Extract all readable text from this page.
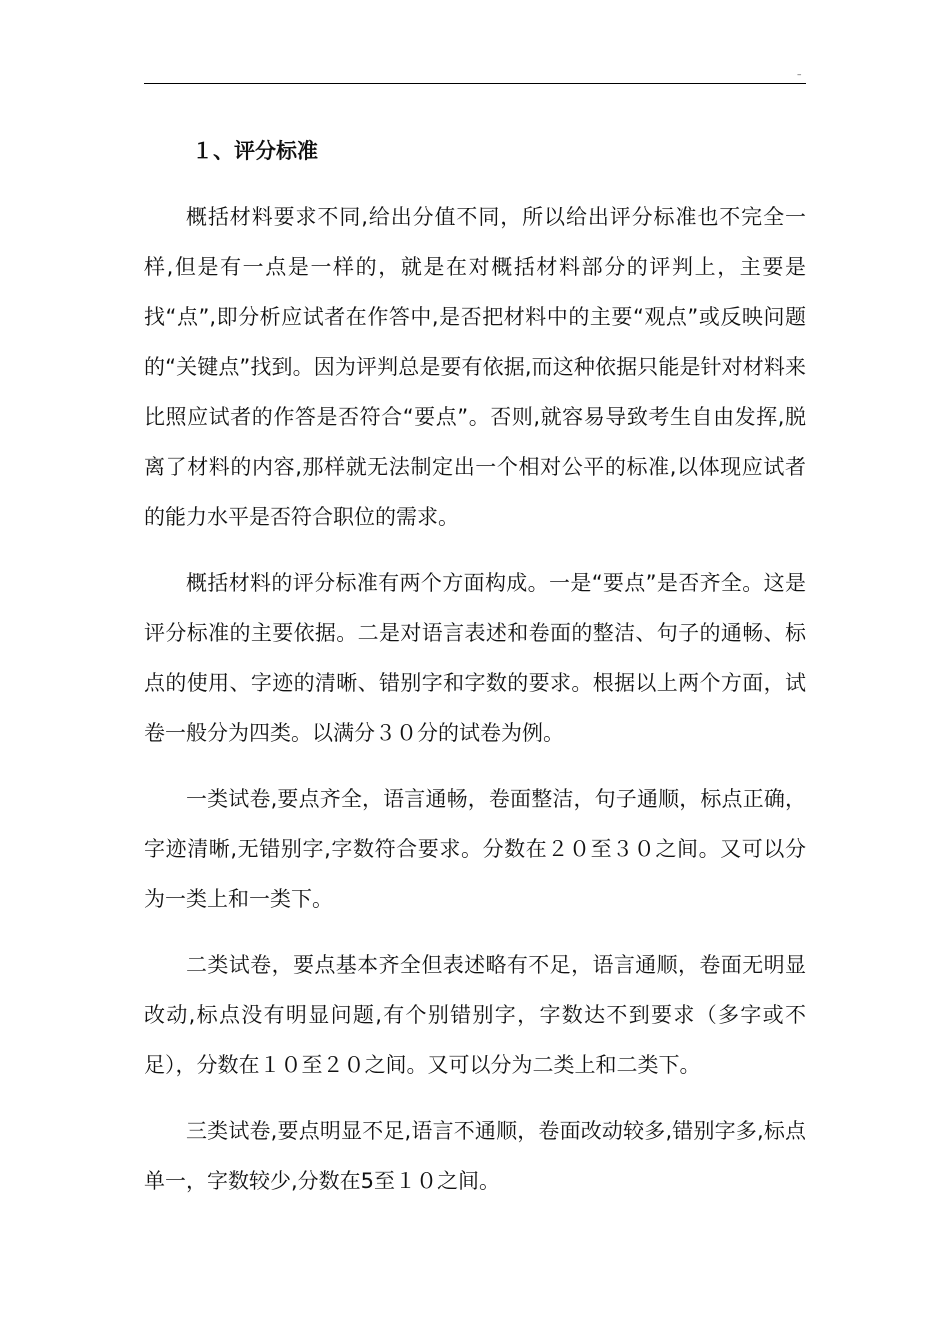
–
１、评分标准

概括材料要求不同,给出分值不同，所以给出评分标准也不完全一样,但是有一点是一样的，就是在对概括材料部分的评判上，主要是找“点”,即分析应试者在作答中,是否把材料中的主要“观点”或反映问题的“关键点”找到。因为评判总是要有依据,而这种依据只能是针对材料来比照应试者的作答是否符合“要点”。否则,就容易导致考生自由发挥,脱离了材料的内容,那样就无法制定出一个相对公平的标准,以体现应试者的能力水平是否符合职位的需求。

概括材料的评分标准有两个方面构成。一是“要点”是否齐全。这是评分标准的主要依据。二是对语言表述和卷面的整洁、句子的通畅、标点的使用、字迹的清晰、错别字和字数的要求。根据以上两个方面，试卷一般分为四类。以满分３０分的试卷为例。

一类试卷,要点齐全，语言通畅，卷面整洁，句子通顺，标点正确，字迹清晰,无错别字,字数符合要求。分数在２０至３０之间。又可以分为一类上和一类下。

二类试卷，要点基本齐全但表述略有不足，语言通顺，卷面无明显改动,标点没有明显问题,有个别错别字，字数达不到要求（多字或不足），分数在１０至２０之间。又可以分为二类上和二类下。

三类试卷,要点明显不足,语言不通顺，卷面改动较多,错别字多,标点单一，字数较少,分数在5至１０之间。
